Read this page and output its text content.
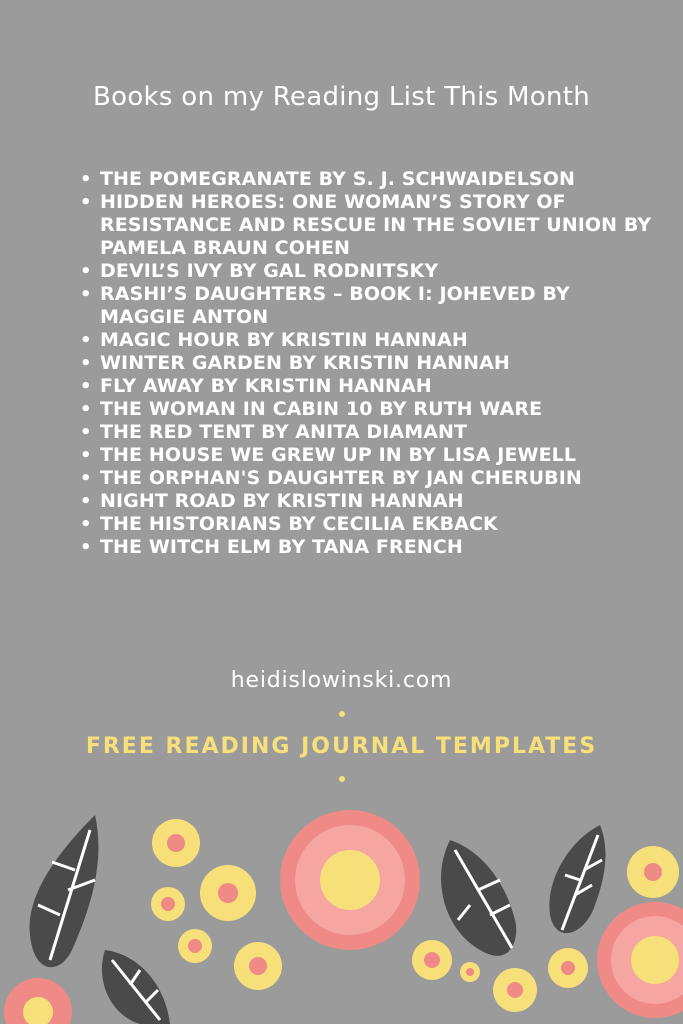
Books on my Reading List This Month
• THE POMEGRANATE BY S. J. SCHWAIDELSON
• HIDDEN HEROES: ONE WOMAN’S STORY OF RESISTANCE AND RESCUE IN THE SOVIET UNION BY PAMELA BRAUN COHEN
• DEVIL’S IVY BY GAL RODNITSKY
• RASHI’S DAUGHTERS – BOOK I: JOHEVED BY MAGGIE ANTON
• MAGIC HOUR BY KRISTIN HANNAH
• WINTER GARDEN BY KRISTIN HANNAH
• FLY AWAY BY KRISTIN HANNAH
• THE WOMAN IN CABIN 10 BY RUTH WARE
• THE RED TENT BY ANITA DIAMANT
• THE HOUSE WE GREW UP IN BY LISA JEWELL
• THE ORPHAN'S DAUGHTER BY JAN CHERUBIN
• NIGHT ROAD BY KRISTIN HANNAH
• THE HISTORIANS BY CECILIA EKBACK
• THE WITCH ELM BY TANA FRENCH
heidislowinski.com
FREE READING JOURNAL TEMPLATES
